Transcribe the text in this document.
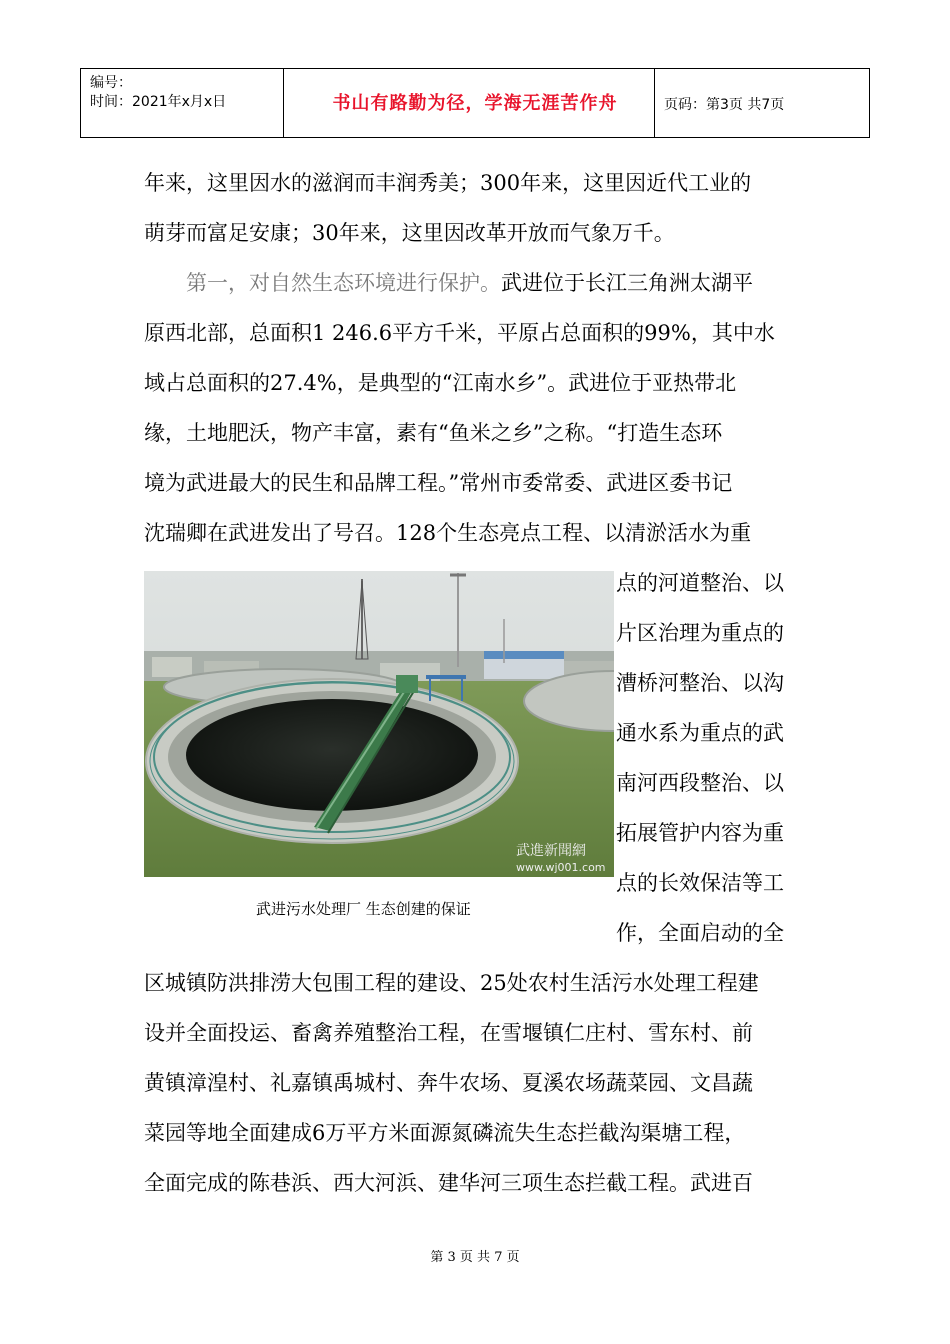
编号：
时间：2021年x月x日	书山有路勤为径，学海无涯苦作舟	页码：第3页 共7页
年来，这里因水的滋润而丰润秀美；300年来，这里因近代工业的
萌芽而富足安康；30年来，这里因改革开放而气象万千。
第一，对自然生态环境进行保护。武进位于长江三角洲太湖平
原西北部，总面积1 246.6平方千米，平原占总面积的99%，其中水
域占总面积的27.4%，是典型的“江南水乡”。武进位于亚热带北
缘，土地肥沃，物产丰富，素有“鱼米之乡”之称。“打造生态环
境为武进最大的民生和品牌工程。”常州市委常委、武进区委书记
沈瑞卿在武进发出了号召。128个生态亮点工程、以清淤活水为重
点的河道整治、以
片区治理为重点的
漕桥河整治、以沟
通水系为重点的武
南河西段整治、以
拓展管护内容为重
点的长效保洁等工
作，全面启动的全
武進新聞網
www.wj001.com
武进污水处理厂 生态创建的保证
区城镇防洪排涝大包围工程的建设、25处农村生活污水处理工程建
设并全面投运、畜禽养殖整治工程，在雪堰镇仁庄村、雪东村、前
黄镇漳湟村、礼嘉镇禹城村、奔牛农场、夏溪农场蔬菜园、文昌蔬
菜园等地全面建成6万平方米面源氮磷流失生态拦截沟渠塘工程，
全面完成的陈巷浜、西大河浜、建华河三项生态拦截工程。武进百
第 3 页 共 7 页
